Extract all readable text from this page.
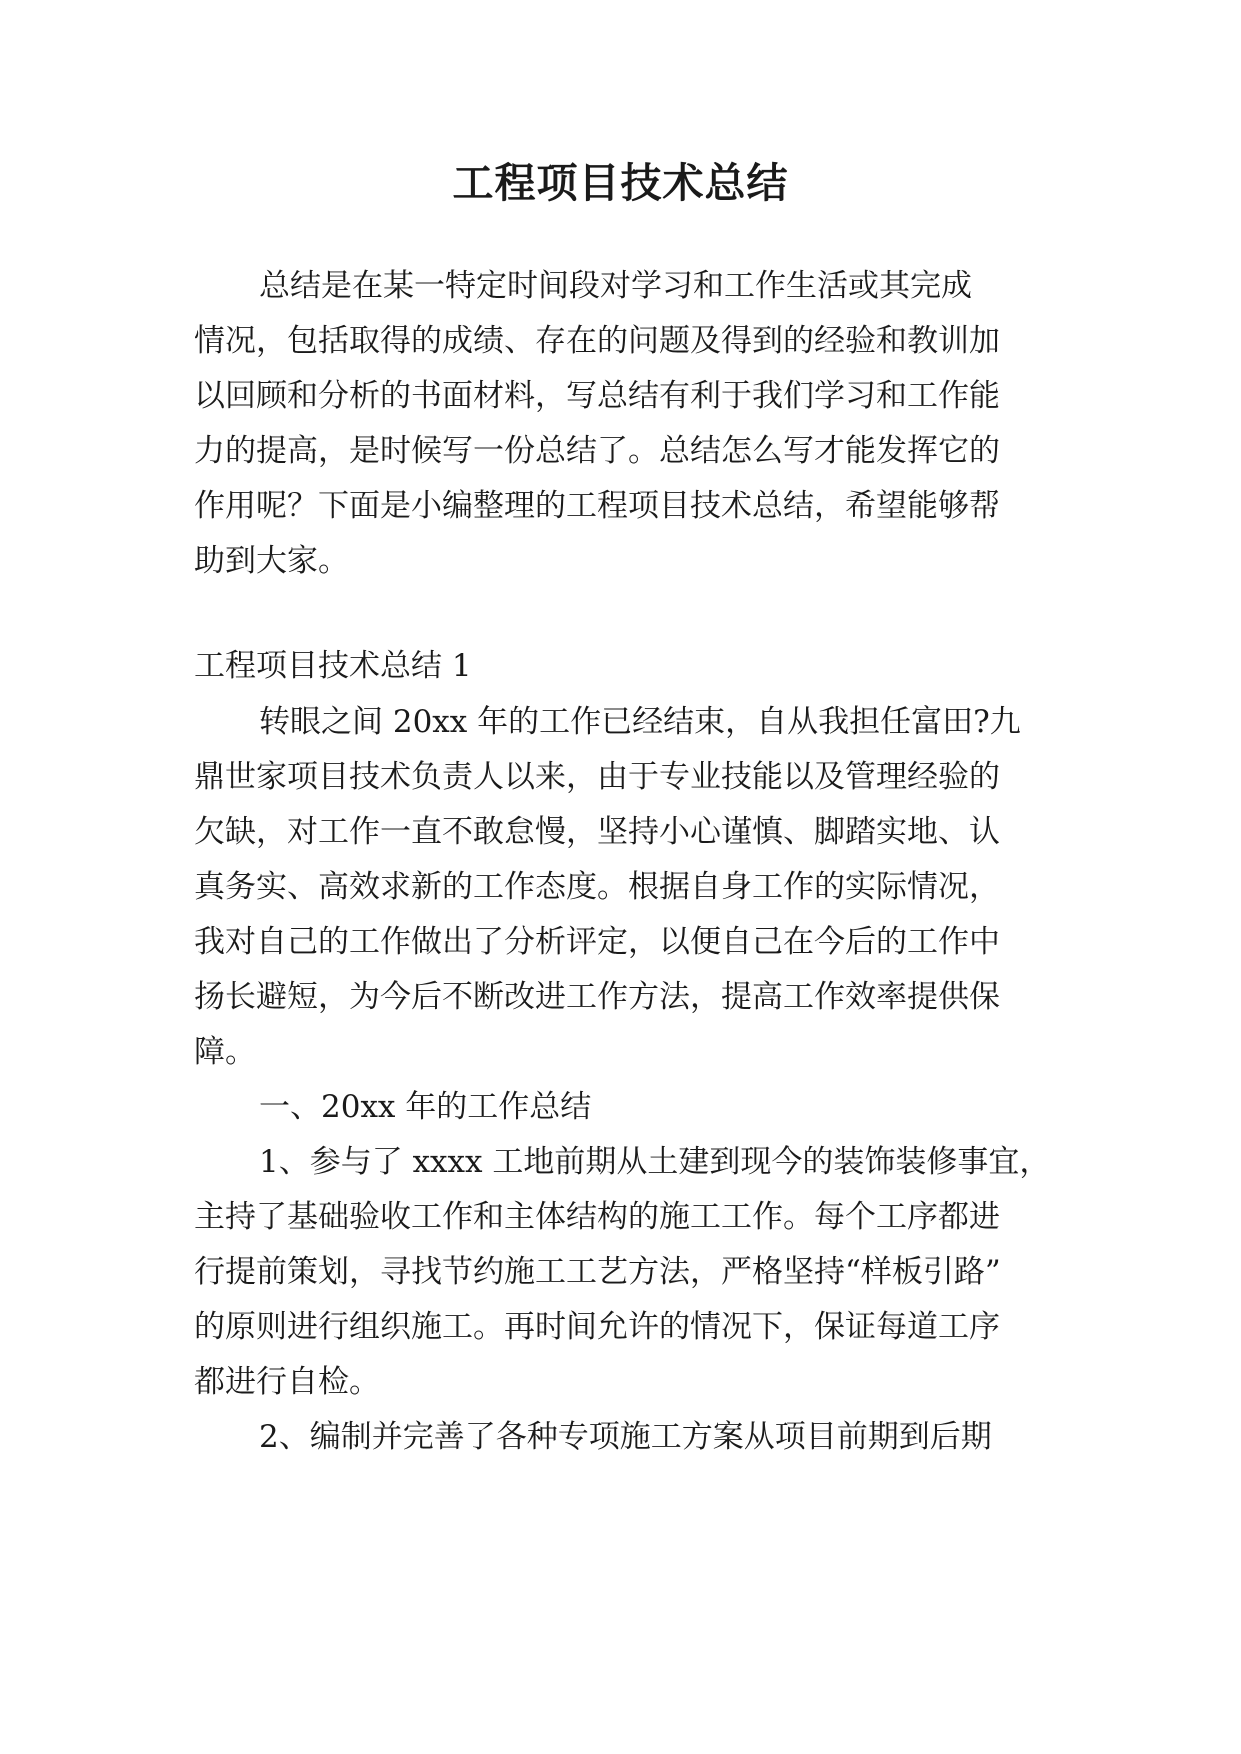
工程项目技术总结

总结是在某一特定时间段对学习和工作生活或其完成

情况，包括取得的成绩、存在的问题及得到的经验和教训加

以回顾和分析的书面材料，写总结有利于我们学习和工作能

力的提高，是时候写一份总结了。总结怎么写才能发挥它的

作用呢？下面是小编整理的工程项目技术总结，希望能够帮

助到大家。

工程项目技术总结 1

转眼之间 20xx 年的工作已经结束，自从我担任富田?九

鼎世家项目技术负责人以来，由于专业技能以及管理经验的

欠缺，对工作一直不敢怠慢，坚持小心谨慎、脚踏实地、认

真务实、高效求新的工作态度。根据自身工作的实际情况，

我对自己的工作做出了分析评定，以便自己在今后的工作中

扬长避短，为今后不断改进工作方法，提高工作效率提供保

障。

一、20xx 年的工作总结

1、参与了 xxxx 工地前期从土建到现今的装饰装修事宜，

主持了基础验收工作和主体结构的施工工作。每个工序都进

行提前策划，寻找节约施工工艺方法，严格坚持“样板引路”

的原则进行组织施工。再时间允许的情况下，保证每道工序

都进行自检。

2、编制并完善了各种专项施工方案从项目前期到后期
